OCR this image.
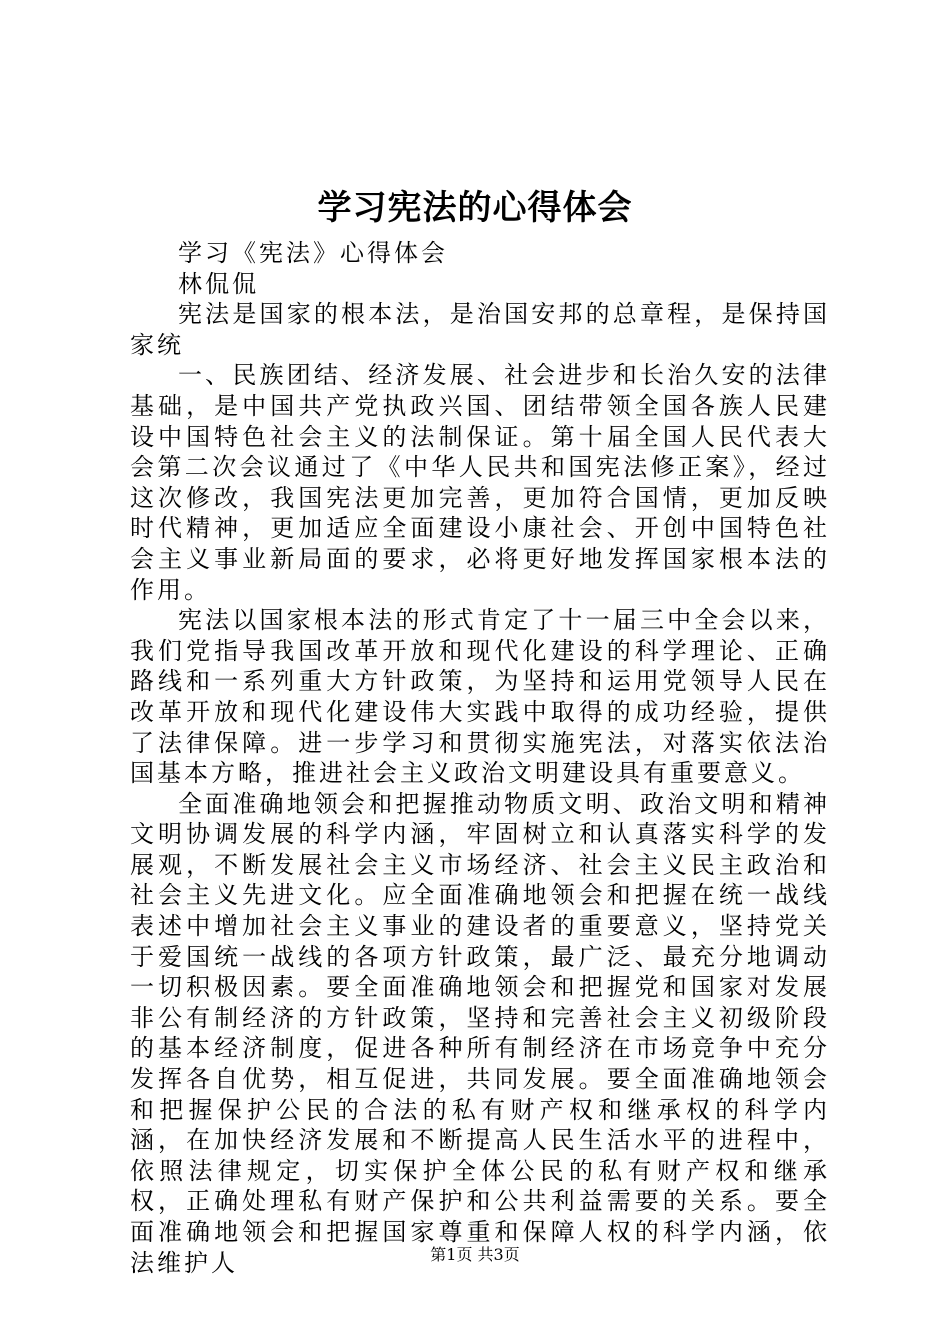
学习宪法的心得体会

学习《宪法》心得体会

林侃侃

宪法是国家的根本法，是治国安邦的总章程，是保持国家统

一、民族团结、经济发展、社会进步和长治久安的法律基础，是中国共产党执政兴国、团结带领全国各族人民建设中国特色社会主义的法制保证。第十届全国人民代表大会第二次会议通过了《中华人民共和国宪法修正案》，经过这次修改，我国宪法更加完善，更加符合国情，更加反映时代精神，更加适应全面建设小康社会、开创中国特色社会主义事业新局面的要求，必将更好地发挥国家根本法的作用。

宪法以国家根本法的形式肯定了十一届三中全会以来，我们党指导我国改革开放和现代化建设的科学理论、正确路线和一系列重大方针政策，为坚持和运用党领导人民在改革开放和现代化建设伟大实践中取得的成功经验，提供了法律保障。进一步学习和贯彻实施宪法，对落实依法治国基本方略，推进社会主义政治文明建设具有重要意义。

全面准确地领会和把握推动物质文明、政治文明和精神文明协调发展的科学内涵，牢固树立和认真落实科学的发展观，不断发展社会主义市场经济、社会主义民主政治和社会主义先进文化。应全面准确地领会和把握在统一战线表述中增加社会主义事业的建设者的重要意义，坚持党关于爱国统一战线的各项方针政策，最广泛、最充分地调动一切积极因素。要全面准确地领会和把握党和国家对发展非公有制经济的方针政策，坚持和完善社会主义初级阶段的基本经济制度，促进各种所有制经济在市场竞争中充分发挥各自优势，相互促进，共同发展。要全面准确地领会和把握保护公民的合法的私有财产权和继承权的科学内涵，在加快经济发展和不断提高人民生活水平的进程中，依照法律规定，切实保护全体公民的私有财产权和继承权，正确处理私有财产保护和公共利益需要的关系。要全面准确地领会和把握国家尊重和保障人权的科学内涵，依法维护人	第1页 共3页
